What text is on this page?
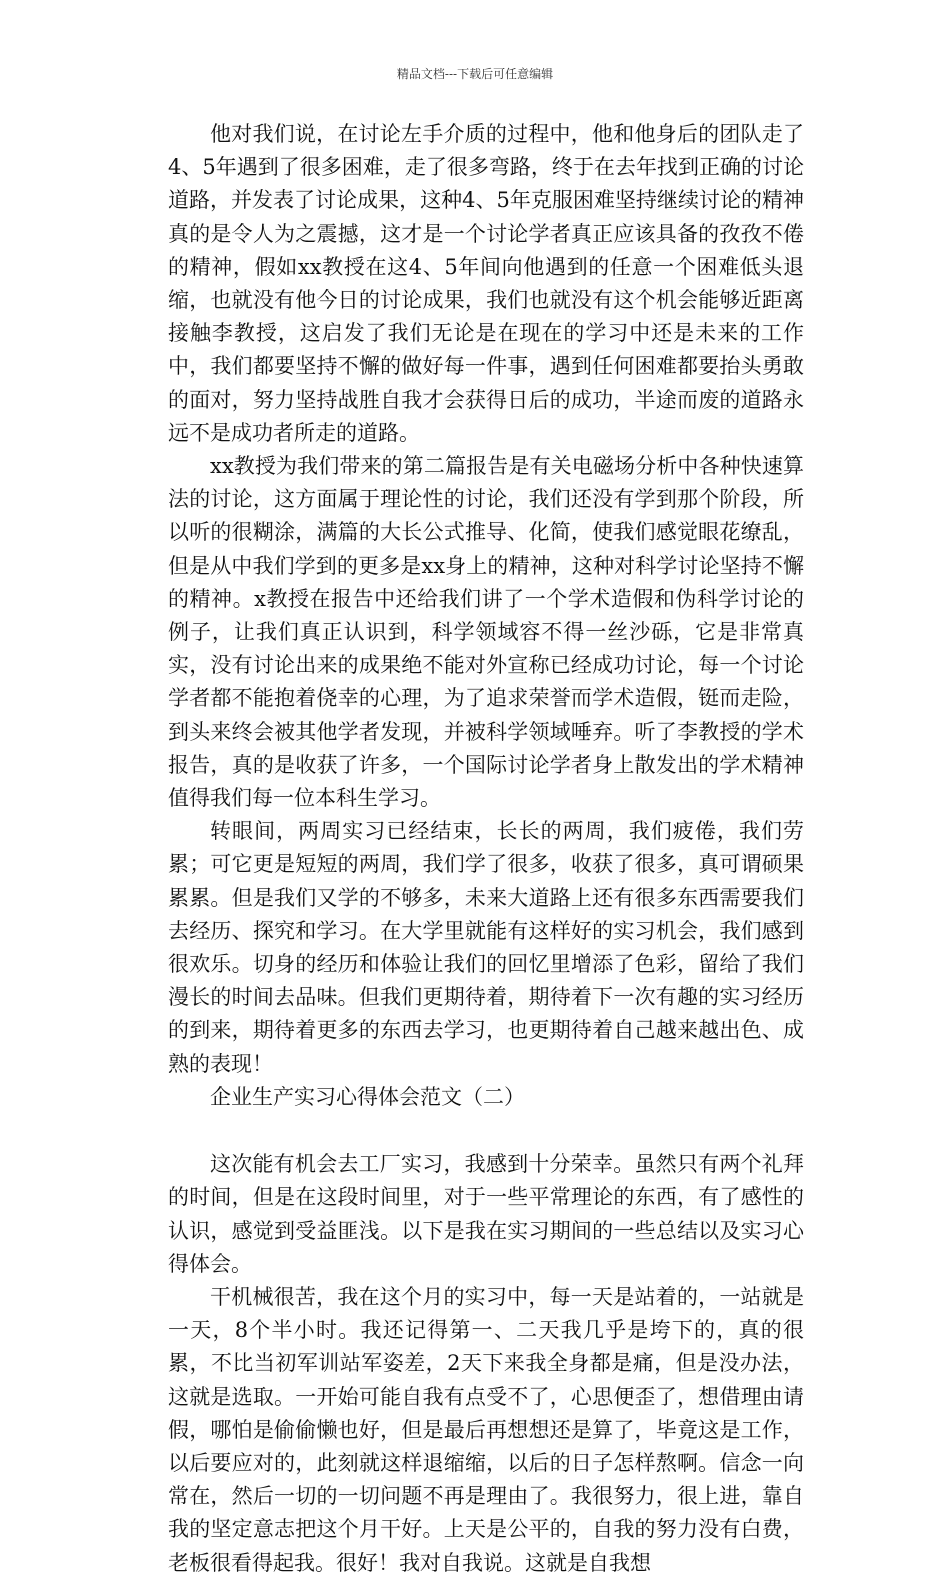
精品文档---下载后可任意编辑

他对我们说，在讨论左手介质的过程中，他和他身后的团队走了4、5年遇到了很多困难，走了很多弯路，终于在去年找到正确的讨论道路，并发表了讨论成果，这种4、5年克服困难坚持继续讨论的精神真的是令人为之震撼，这才是一个讨论学者真正应该具备的孜孜不倦的精神，假如xx教授在这4、5年间向他遇到的任意一个困难低头退缩，也就没有他今日的讨论成果，我们也就没有这个机会能够近距离接触李教授，这启发了我们无论是在现在的学习中还是未来的工作中，我们都要坚持不懈的做好每一件事，遇到任何困难都要抬头勇敢的面对，努力坚持战胜自我才会获得日后的成功，半途而废的道路永远不是成功者所走的道路。

xx教授为我们带来的第二篇报告是有关电磁场分析中各种快速算法的讨论，这方面属于理论性的讨论，我们还没有学到那个阶段，所以听的很糊涂，满篇的大长公式推导、化简，使我们感觉眼花缭乱，但是从中我们学到的更多是xx身上的精神，这种对科学讨论坚持不懈的精神。x教授在报告中还给我们讲了一个学术造假和伪科学讨论的例子，让我们真正认识到，科学领域容不得一丝沙砾，它是非常真实，没有讨论出来的成果绝不能对外宣称已经成功讨论，每一个讨论学者都不能抱着侥幸的心理，为了追求荣誉而学术造假，铤而走险，到头来终会被其他学者发现，并被科学领域唾弃。听了李教授的学术报告，真的是收获了许多，一个国际讨论学者身上散发出的学术精神值得我们每一位本科生学习。

转眼间，两周实习已经结束，长长的两周，我们疲倦，我们劳累；可它更是短短的两周，我们学了很多，收获了很多，真可谓硕果累累。但是我们又学的不够多，未来大道路上还有很多东西需要我们去经历、探究和学习。在大学里就能有这样好的实习机会，我们感到很欢乐。切身的经历和体验让我们的回忆里增添了色彩，留给了我们漫长的时间去品味。但我们更期待着，期待着下一次有趣的实习经历的到来，期待着更多的东西去学习，也更期待着自己越来越出色、成熟的表现！

企业生产实习心得体会范文（二）

这次能有机会去工厂实习，我感到十分荣幸。虽然只有两个礼拜的时间，但是在这段时间里，对于一些平常理论的东西，有了感性的认识，感觉到受益匪浅。以下是我在实习期间的一些总结以及实习心得体会。

干机械很苦，我在这个月的实习中，每一天是站着的，一站就是一天，8个半小时。我还记得第一、二天我几乎是垮下的，真的很累，不比当初军训站军姿差，2天下来我全身都是痛，但是没办法，这就是选取。一开始可能自我有点受不了，心思便歪了，想借理由请假，哪怕是偷偷懒也好，但是最后再想想还是算了，毕竟这是工作，以后要应对的，此刻就这样退缩缩，以后的日子怎样熬啊。信念一向常在，然后一切的一切问题不再是理由了。我很努力，很上进，靠自我的坚定意志把这个月干好。上天是公平的，自我的努力没有白费，老板很看得起我。很好！我对自我说。这就是自我想
